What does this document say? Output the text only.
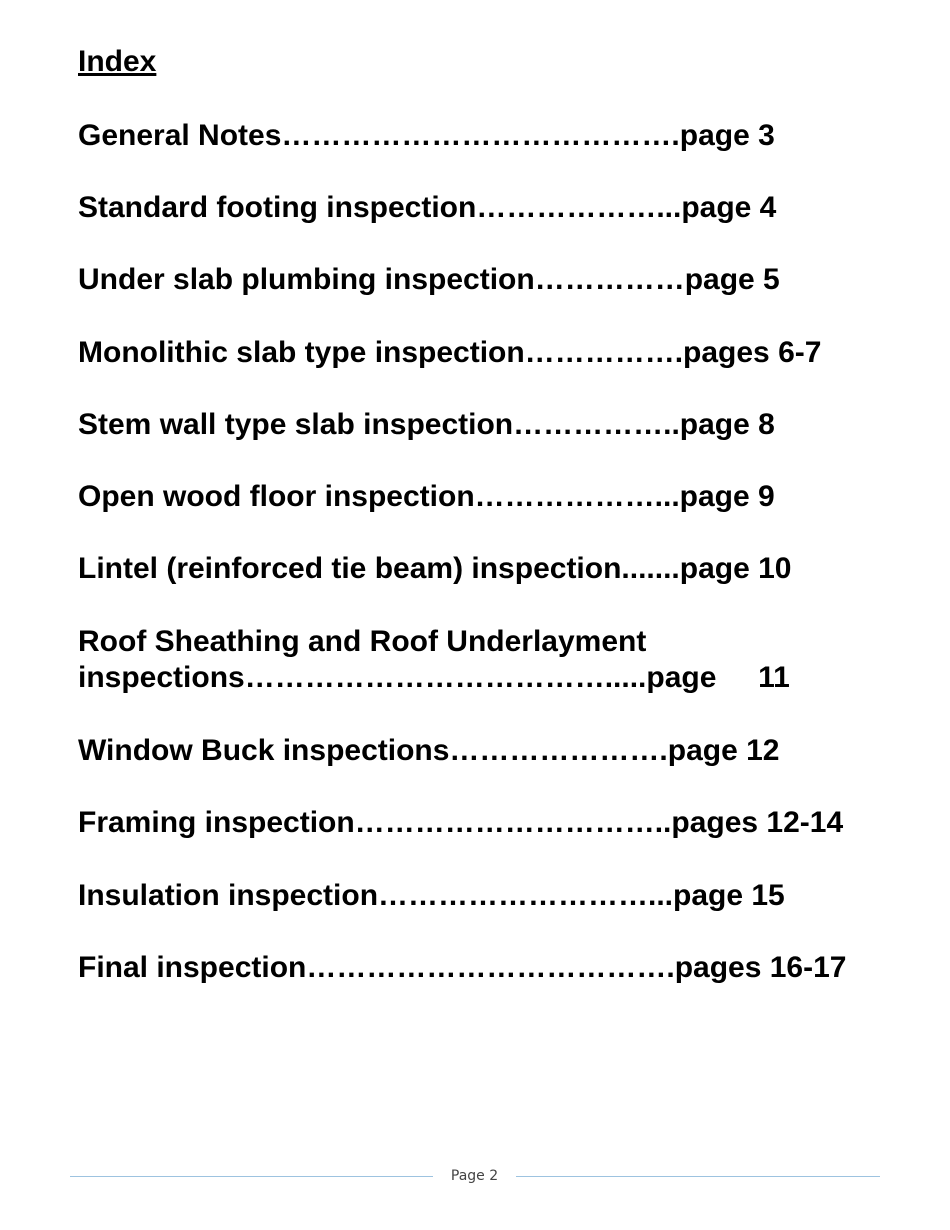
Index
General Notes………………………………….page 3
Standard footing inspection………………...page 4
Under slab plumbing inspection……………page 5
Monolithic slab type inspection…………….pages 6-7
Stem wall type slab inspection……………..page 8
Open wood floor inspection………………...page 9
Lintel (reinforced tie beam) inspection.......page 10
Roof Sheathing and Roof Underlayment
inspections……………………………….....page     11
Window Buck inspections………………….page 12
Framing inspection…………………………..pages 12-14
Insulation inspection………………………...page 15
Final inspection……………………………….pages 16-17
Page 2
